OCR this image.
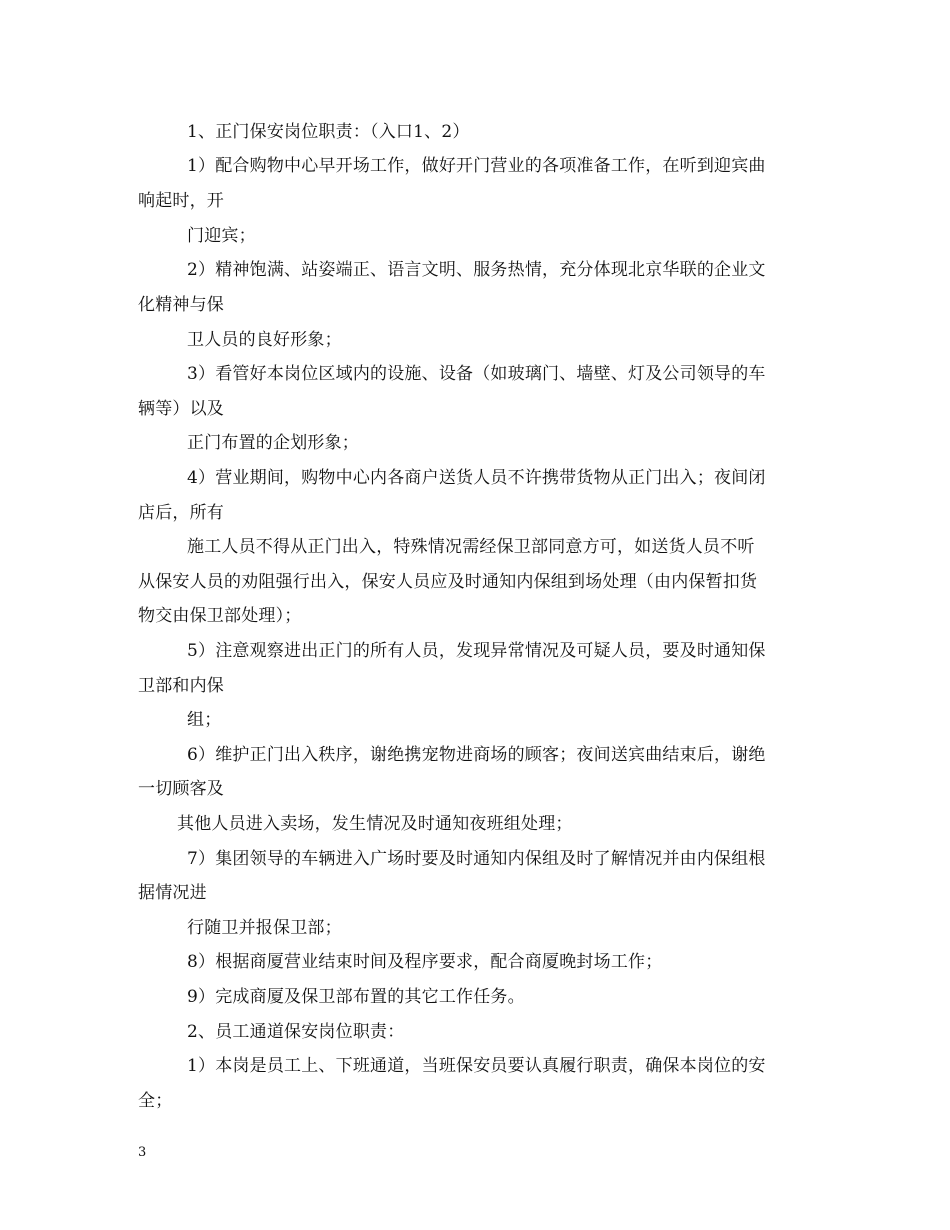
1、正门保安岗位职责：（入口1、2）
1）配合购物中心早开场工作，做好开门营业的各项准备工作，在听到迎宾曲
响起时，开
门迎宾；
2）精神饱满、站姿端正、语言文明、服务热情，充分体现北京华联的企业文
化精神与保
卫人员的良好形象；
3）看管好本岗位区域内的设施、设备（如玻璃门、墙壁、灯及公司领导的车
辆等）以及
正门布置的企划形象；
4）营业期间，购物中心内各商户送货人员不许携带货物从正门出入；夜间闭
店后，所有
施工人员不得从正门出入，特殊情况需经保卫部同意方可，如送货人员不听
从保安人员的劝阻强行出入，保安人员应及时通知内保组到场处理（由内保暂扣货
物交由保卫部处理）；
5）注意观察进出正门的所有人员，发现异常情况及可疑人员，要及时通知保
卫部和内保
组；
6）维护正门出入秩序，谢绝携宠物进商场的顾客；夜间送宾曲结束后，谢绝
一切顾客及
其他人员进入卖场，发生情况及时通知夜班组处理；
7）集团领导的车辆进入广场时要及时通知内保组及时了解情况并由内保组根
据情况进
行随卫并报保卫部；
8）根据商厦营业结束时间及程序要求，配合商厦晚封场工作；
9）完成商厦及保卫部布置的其它工作任务。
2、员工通道保安岗位职责：
1）本岗是员工上、下班通道，当班保安员要认真履行职责，确保本岗位的安
全；
3
